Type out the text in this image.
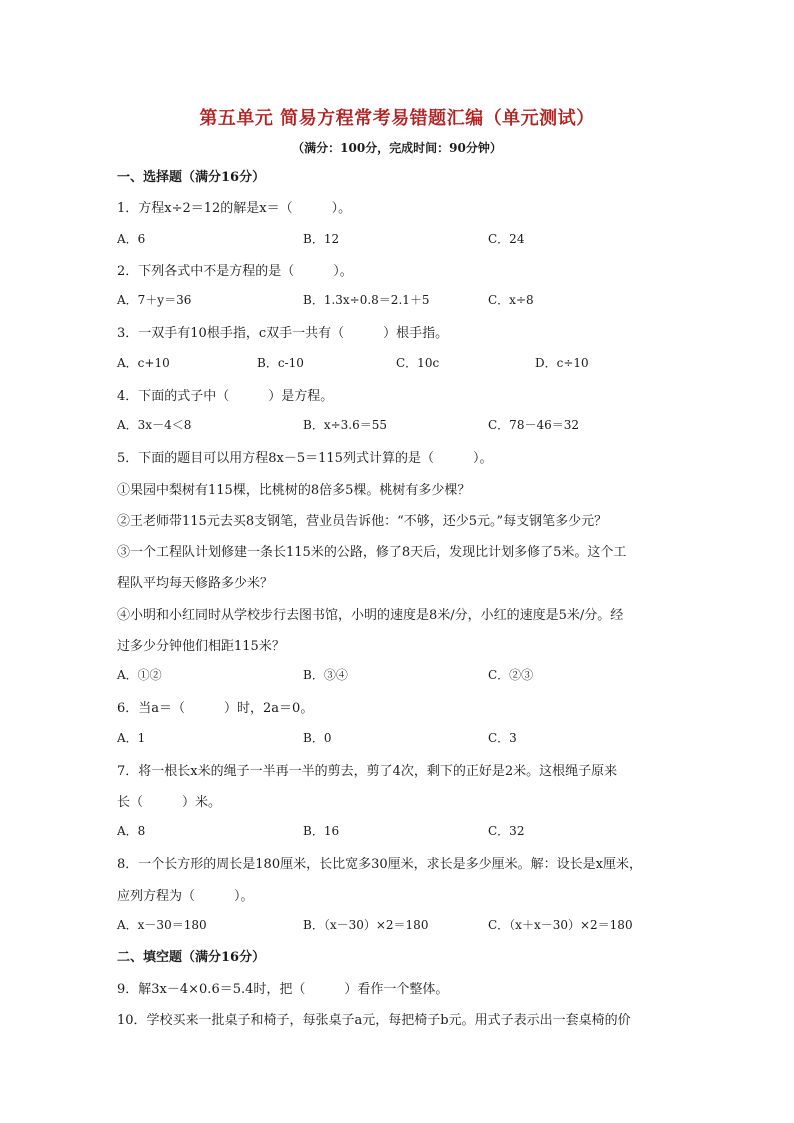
第五单元 简易方程常考易错题汇编（单元测试）
（满分：100分，完成时间：90分钟）
一、选择题（满分16分）
1．方程x÷2＝12的解是x＝（　　　）。
A．6	B．12	C．24
2．下列各式中不是方程的是（　　　）。
A．7＋y＝36	B．1.3x÷0.8＝2.1＋5	C．x÷8
3．一双手有10根手指，c双手一共有（　　　）根手指。
A．c+10	B．c-10	C．10c	D．c÷10
4．下面的式子中（　　　）是方程。
A．3x－4＜8	B．x÷3.6＝55	C．78－46＝32
5．下面的题目可以用方程8x－5＝115列式计算的是（　　　）。
①果园中梨树有115棵，比桃树的8倍多5棵。桃树有多少棵？
②王老师带115元去买8支钢笔，营业员告诉他：“不够，还少5元。”每支钢笔多少元？
③一个工程队计划修建一条长115米的公路，修了8天后，发现比计划多修了5米。这个工
程队平均每天修路多少米？
④小明和小红同时从学校步行去图书馆，小明的速度是8米/分，小红的速度是5米/分。经
过多少分钟他们相距115米？
A．①②	B．③④	C．②③
6．当a＝（　　　）时，2a＝0。
A．1	B．0	C．3
7．将一根长x米的绳子一半再一半的剪去，剪了4次，剩下的正好是2米。这根绳子原来
长（　　　）米。
A．8	B．16	C．32
8．一个长方形的周长是180厘米，长比宽多30厘米，求长是多少厘米。解：设长是x厘米，
应列方程为（　　　）。
A．x－30＝180	B．（x－30）×2＝180	C．（x＋x－30）×2＝180
二、填空题（满分16分）
9．解3x－4×0.6＝5.4时，把（　　　）看作一个整体。
10．学校买来一批桌子和椅子，每张桌子a元，每把椅子b元。用式子表示出一套桌椅的价
